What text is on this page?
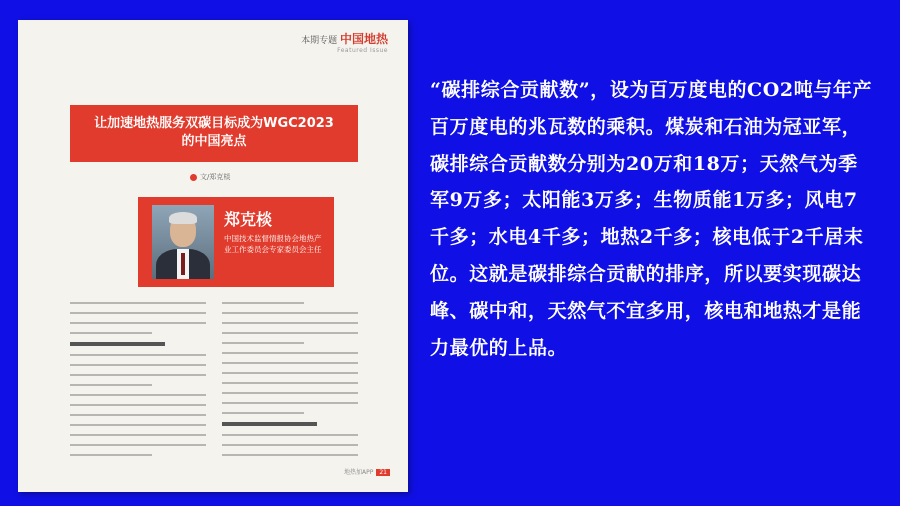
本期专题 中国地热
Featured Issue
让加速地热服务双碳目标成为WGC2023
的中国亮点
文/郑克棪
郑克棪
中国技术监督情报协会地热产业工作委员会专家委员会主任
地热加APP 21

“碳排综合贡献数”，设为百万度电的CO2吨与年产百万度电的兆瓦数的乘积。煤炭和石油为冠亚军，碳排综合贡献数分别为20万和18万；天然气为季军9万多；太阳能3万多；生物质能1万多；风电7千多；水电4千多；地热2千多；核电低于2千居末位。这就是碳排综合贡献的排序，所以要实现碳达峰、碳中和，天然气不宜多用，核电和地热才是能力最优的上品。
